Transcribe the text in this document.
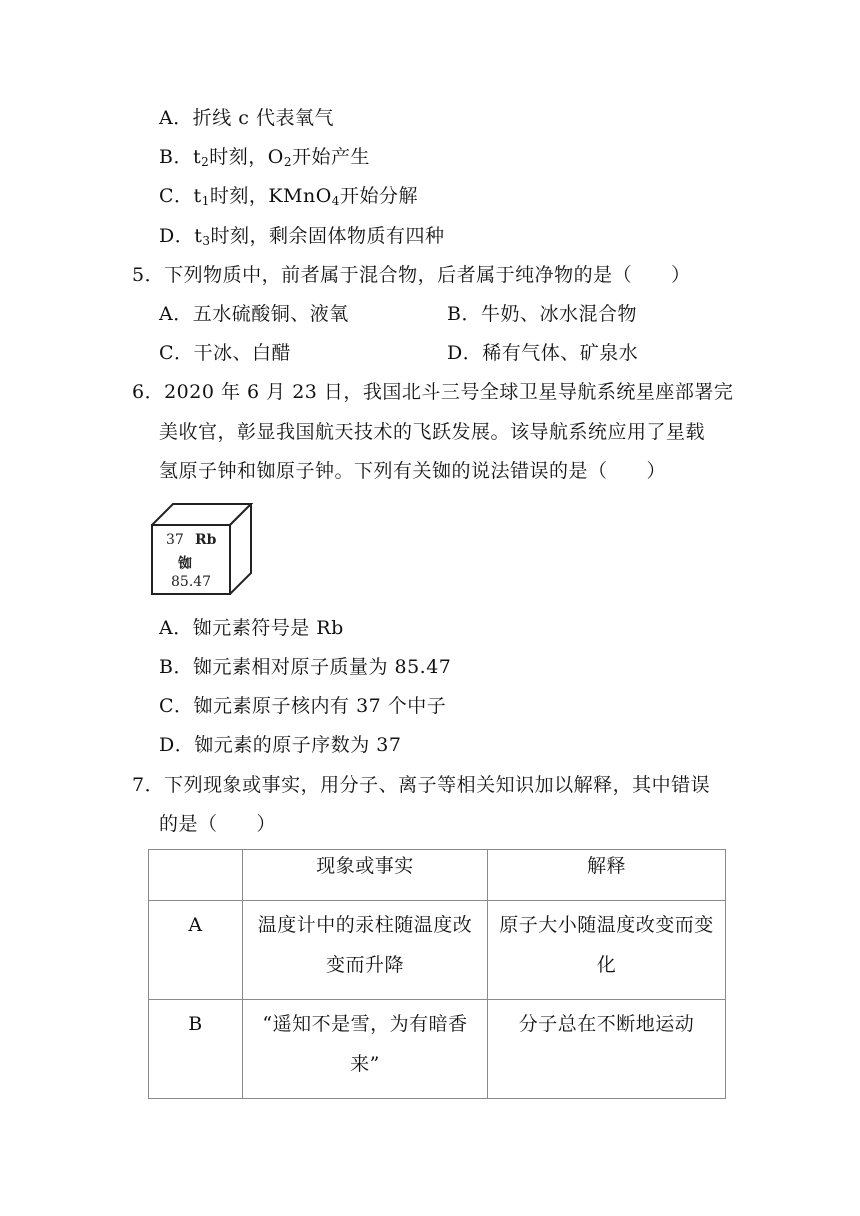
A．折线 c 代表氧气
B．$t_2$时刻，$O_2$开始产生
C．$t_1$时刻，KMnO$_4$开始分解
D．$t_3$时刻，剩余固体物质有四种
5．下列物质中，前者属于混合物，后者属于纯净物的是（　　）
A．五水硫酸铜、液氧	B．牛奶、冰水混合物
C．干冰、白醋	D．稀有气体、矿泉水
6．2020 年 6 月 23 日，我国北斗三号全球卫星导航系统星座部署完
美收官，彰显我国航天技术的飞跃发展。该导航系统应用了星载
氢原子钟和铷原子钟。下列有关铷的说法错误的是（　　）
37 Rb
铷
85.47
A．铷元素符号是 Rb
B．铷元素相对原子质量为 85.47
C．铷元素原子核内有 37 个中子
D．铷元素的原子序数为 37
7．下列现象或事实，用分子、离子等相关知识加以解释，其中错误
的是（　　）
	现象或事实	解释
A	温度计中的汞柱随温度改变而升降	原子大小随温度改变而变化
B	“遥知不是雪，为有暗香来”	分子总在不断地运动
